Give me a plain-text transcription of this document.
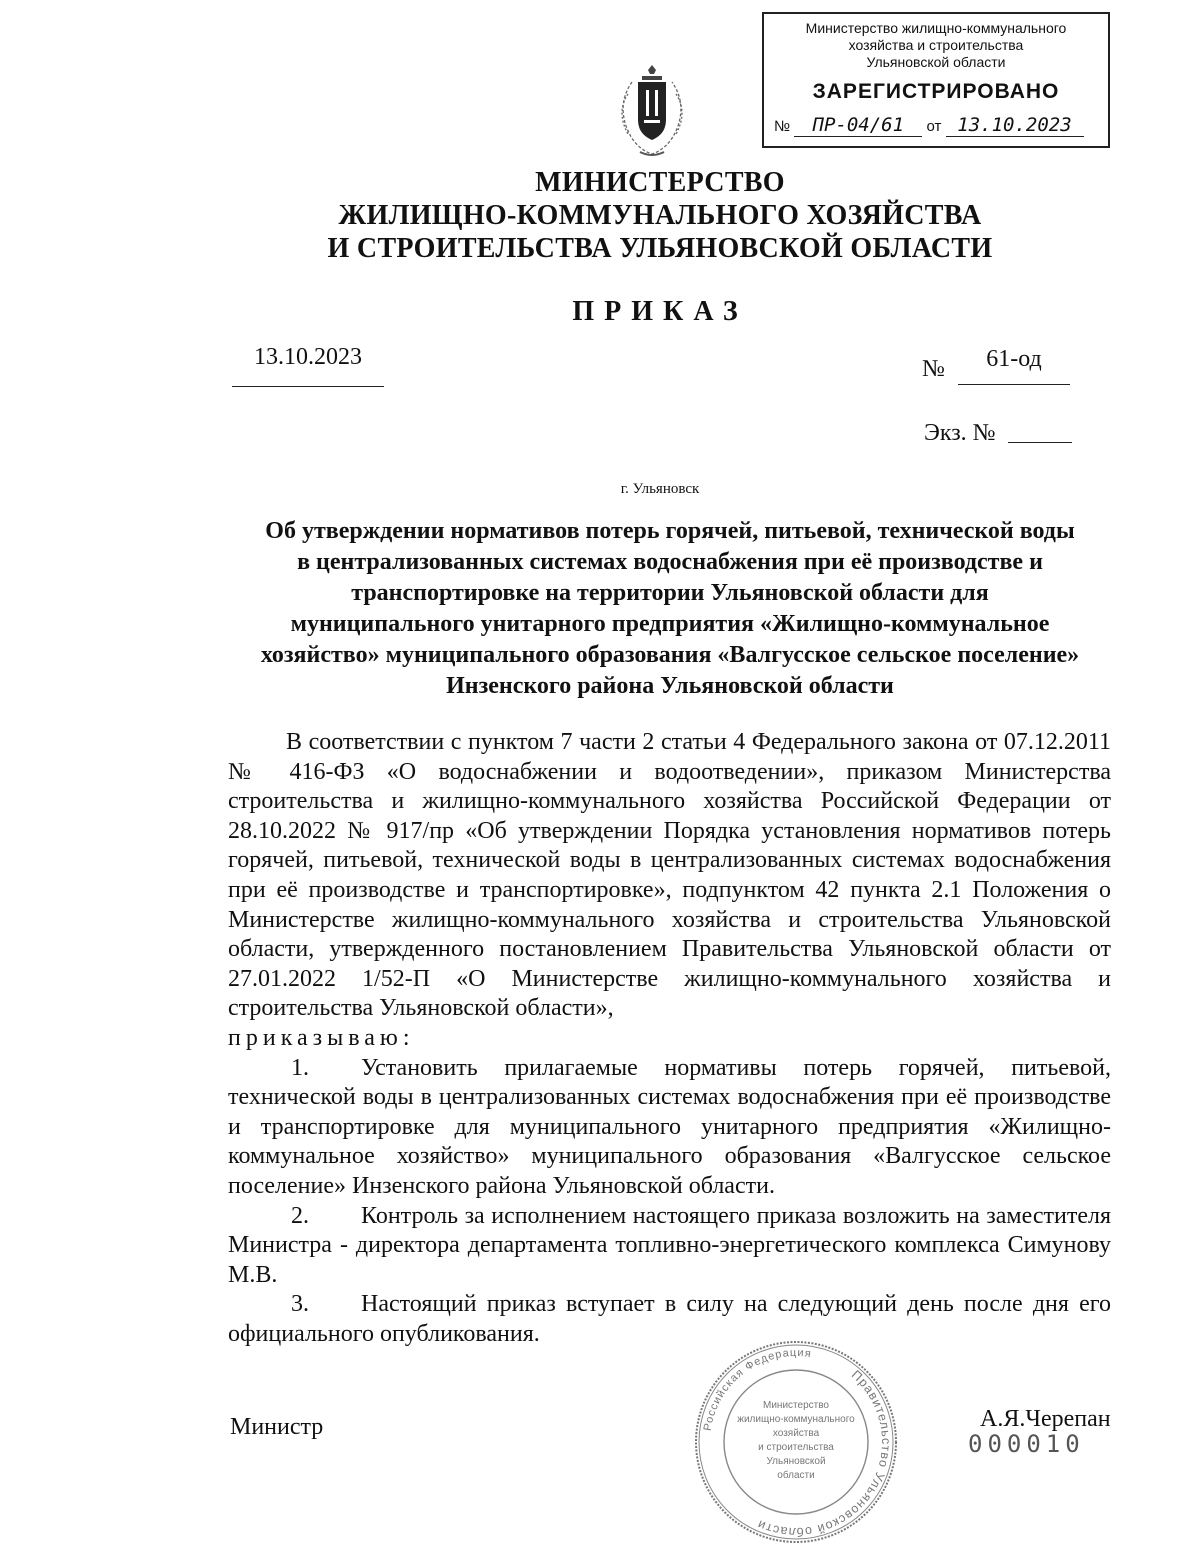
Министерство жилищно-коммунального
хозяйства и строительства
Ульяновской области
ЗАРЕГИСТРИРОВАНО
№ ПР-04/61 от 13.10.2023
МИНИСТЕРСТВО
ЖИЛИЩНО-КОММУНАЛЬНОГО ХОЗЯЙСТВА
И СТРОИТЕЛЬСТВА УЛЬЯНОВСКОЙ ОБЛАСТИ
ПРИКАЗ
13.10.2023	№	61-од
Экз. №
г. Ульяновск
Об утверждении нормативов потерь горячей, питьевой, технической воды
в централизованных системах водоснабжения при её производстве и
транспортировке на территории Ульяновской области для
муниципального унитарного предприятия «Жилищно-коммунальное
хозяйство» муниципального образования «Валгусское сельское поселение»
Инзенского района Ульяновской области

В соответствии с пунктом 7 части 2 статьи 4 Федерального закона от 07.12.2011 № 416-ФЗ «О водоснабжении и водоотведении», приказом Министерства строительства и жилищно-коммунального хозяйства Российской Федерации от 28.10.2022 № 917/пр «Об утверждении Порядка установления нормативов потерь горячей, питьевой, технической воды в централизованных системах водоснабжения при её производстве и транспортировке», подпунктом 42 пункта 2.1 Положения о Министерстве жилищно-коммунального хозяйства и строительства Ульяновской области, утвержденного постановлением Правительства Ульяновской области от 27.01.2022 1/52-П «О Министерстве жилищно-коммунального хозяйства и строительства Ульяновской области»,

приказываю:
1. Установить прилагаемые нормативы потерь горячей, питьевой, технической воды в централизованных системах водоснабжения при её производстве и транспортировке для муниципального унитарного предприятия «Жилищно-коммунальное хозяйство» муниципального образования «Валгусское сельское поселение» Инзенского района Ульяновской области.
2. Контроль за исполнением настоящего приказа возложить на заместителя Министра - директора департамента топливно-энергетического комплекса Симунову М.В.
3. Настоящий приказ вступает в силу на следующий день после дня его официального опубликования.
Правительство Ульяновской области
Российская Федерация
Министерство
жилищно-коммунального
хозяйства
и строительства
Ульяновской
области
Министр	А.Я.Черепан
000010
